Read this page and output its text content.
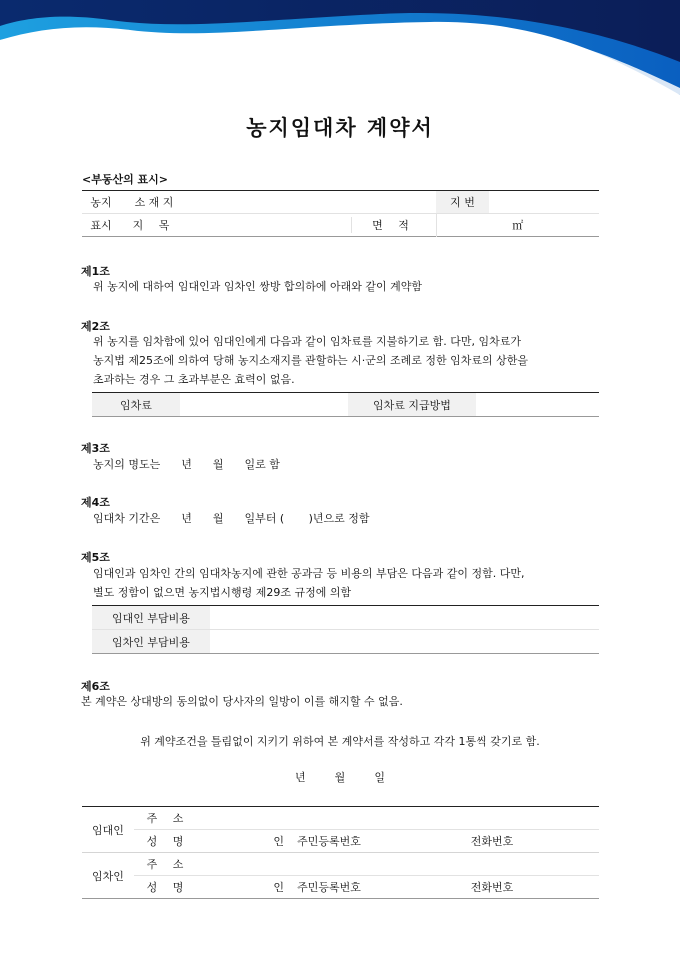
농지임대차 계약서
<부동산의 표시>
농지	소 재 지		지 번	
표시	지 목	면 적	㎡	
제1조
위 농지에 대하여 임대인과 임차인 쌍방 합의하에 아래와 같이 계약함
제2조
위 농지를 임차함에 있어 임대인에게 다음과 같이 임차료를 지불하기로 함. 다만, 임차료가
농지법 제25조에 의하여 당해 농지소재지를 관할하는 시·군의 조례로 정한 임차료의 상한을
초과하는 경우 그 초과부분은 효력이 없음.
임차료		임차료 지급방법	
제3조
농지의 명도는      년      월      일로 함
제4조
임대차 기간은      년      월      일부터 (       )년으로 정함
제5조
임대인과 임차인 간의 임대차농지에 관한 공과금 등 비용의 부담은 다음과 같이 정함. 다만,
별도 정함이 없으면 농지법시행령 제29조 규정에 의함
임대인 부담비용	
임차인 부담비용	
제6조
본 계약은 상대방의 동의없이 당사자의 일방이 이를 해지할 수 없음.
위 계약조건을 틀림없이 지키기 위하여 본 계약서를 작성하고 각각 1통씩 갖기로 함.
년	월	일
임대인	주 소					
	성 명	인	주민등록번호		전화번호	
임차인	주 소					
	성 명	인	주민등록번호		전화번호	
